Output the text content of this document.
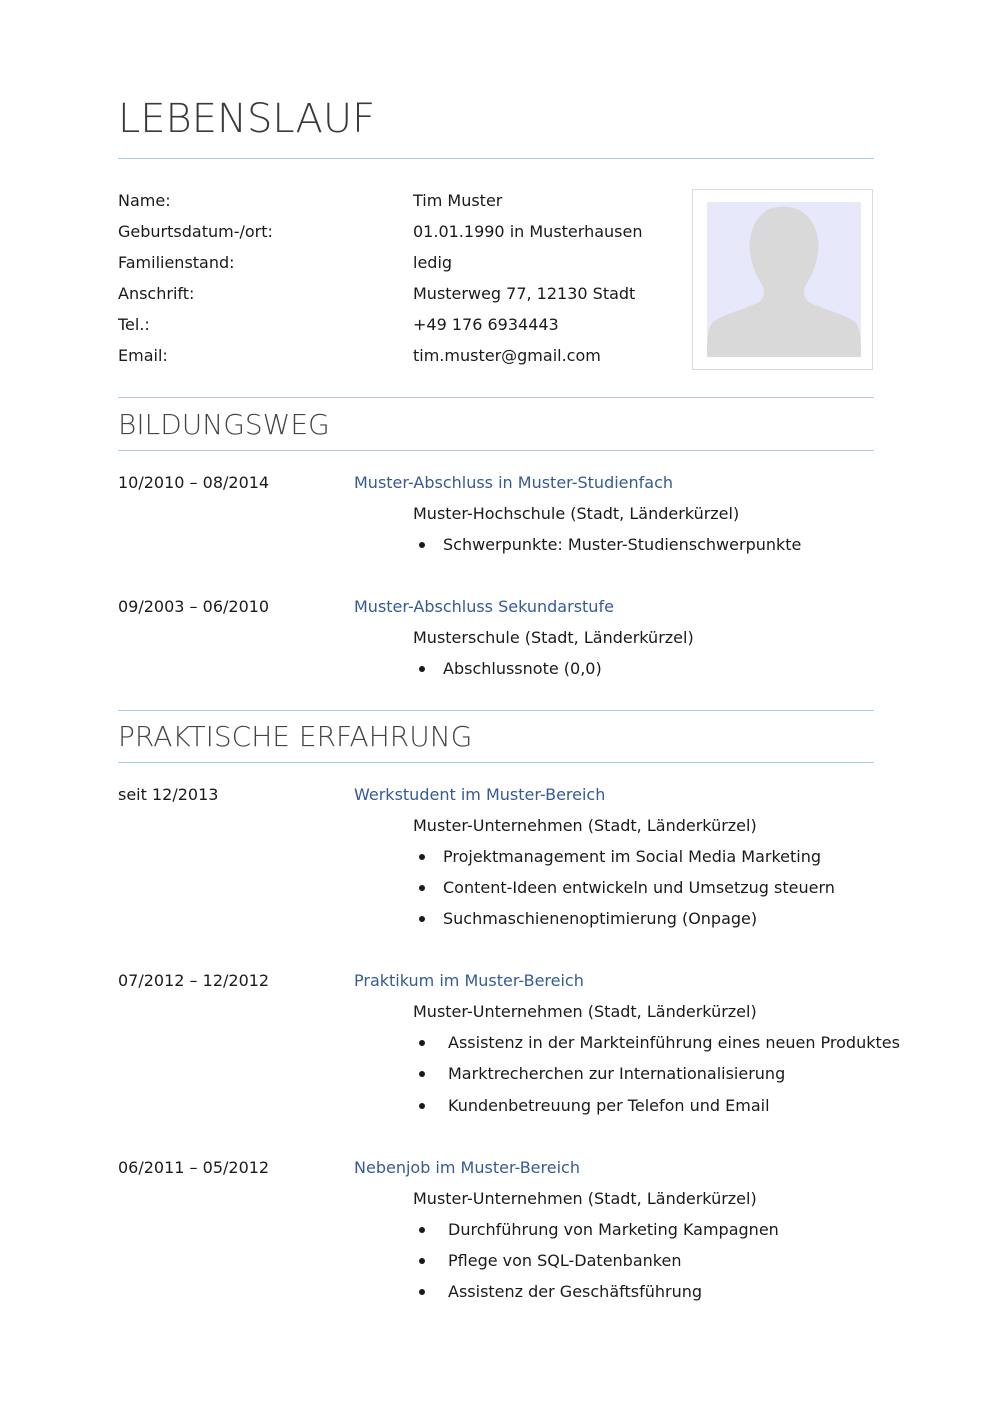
LEBENSLAUF
Name:	Tim Muster
Geburtsdatum-/ort:	01.01.1990 in Musterhausen
Familienstand:	ledig
Anschrift:	Musterweg 77, 12130 Stadt
Tel.:	+49 176 6934443
Email:	tim.muster@gmail.com
BILDUNGSWEG
10/2010 – 08/2014	Muster-Abschluss in Muster-Studienfach
Muster-Hochschule (Stadt, Länderkürzel)
Schwerpunkte: Muster-Studienschwerpunkte
09/2003 – 06/2010	Muster-Abschluss Sekundarstufe
Musterschule (Stadt, Länderkürzel)
Abschlussnote (0,0)
PRAKTISCHE ERFAHRUNG
seit 12/2013	Werkstudent im Muster-Bereich
Muster-Unternehmen (Stadt, Länderkürzel)
Projektmanagement im Social Media Marketing
Content-Ideen entwickeln und Umsetzug steuern
Suchmaschienenoptimierung (Onpage)
07/2012 – 12/2012	Praktikum im Muster-Bereich
Muster-Unternehmen (Stadt, Länderkürzel)
Assistenz in der Markteinführung eines neuen Produktes
Marktrecherchen zur Internationalisierung
Kundenbetreuung per Telefon und Email
06/2011 – 05/2012	Nebenjob im Muster-Bereich
Muster-Unternehmen (Stadt, Länderkürzel)
Durchführung von Marketing Kampagnen
Pflege von SQL-Datenbanken
Assistenz der Geschäftsführung
